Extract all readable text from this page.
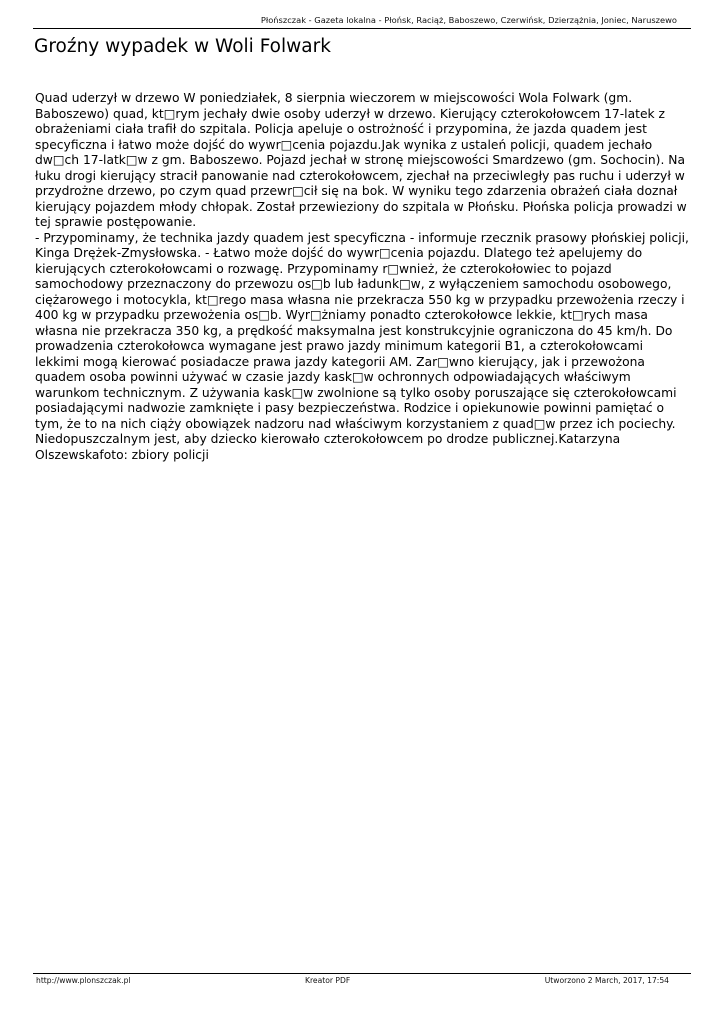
Płońszczak - Gazeta lokalna - Płońsk, Raciąż, Baboszewo, Czerwińsk, Dzierzążnia, Joniec, Naruszewo
Groźny wypadek w Woli Folwark
Quad uderzył w drzewo W poniedziałek, 8 sierpnia wieczorem w miejscowości Wola Folwark (gm. Baboszewo) quad, kt□rym jechały dwie osoby uderzył w drzewo. Kierujący czterokołowcem 17-latek z obrażeniami ciała trafił do szpitala. Policja apeluje o ostrożność i przypomina, że jazda quadem jest specyficzna i łatwo może dojść do wywr□cenia pojazdu.Jak wynika z ustaleń policji, quadem jechało dw□ch 17-latk□w z gm. Baboszewo. Pojazd jechał w stronę miejscowości Smardzewo (gm. Sochocin). Na łuku drogi kierujący stracił panowanie nad czterokołowcem, zjechał na przeciwległy pas ruchu i uderzył w przydrożne drzewo, po czym quad przewr□cił się na bok. W wyniku tego zdarzenia obrażeń ciała doznał kierujący pojazdem młody chłopak. Został przewieziony do szpitala w Płońsku. Płońska policja prowadzi w tej sprawie postępowanie.
- Przypominamy, że technika jazdy quadem jest specyficzna - informuje rzecznik prasowy płońskiej policji, Kinga Drężek-Zmysłowska. - Łatwo może dojść do wywr□cenia pojazdu. Dlatego też apelujemy do kierujących czterokołowcami o rozwagę. Przypominamy r□wnież, że czterokołowiec to pojazd samochodowy przeznaczony do przewozu os□b lub ładunk□w, z wyłączeniem samochodu osobowego, ciężarowego i motocykla, kt□rego masa własna nie przekracza 550 kg w przypadku przewożenia rzeczy i 400 kg w przypadku przewożenia os□b. Wyr□żniamy ponadto czterokołowce lekkie, kt□rych masa własna nie przekracza 350 kg, a prędkość maksymalna jest konstrukcyjnie ograniczona do 45 km/h. Do prowadzenia czterokołowca wymagane jest prawo jazdy minimum kategorii B1, a czterokołowcami lekkimi mogą kierować posiadacze prawa jazdy kategorii AM. Zar□wno kierujący, jak i przewożona quadem osoba powinni używać w czasie jazdy kask□w ochronnych odpowiadających właściwym warunkom technicznym. Z używania kask□w zwolnione są tylko osoby poruszające się czterokołowcami posiadającymi nadwozie zamknięte i pasy bezpieczeństwa. Rodzice i opiekunowie powinni pamiętać o tym, że to na nich ciąży obowiązek nadzoru nad właściwym korzystaniem z quad□w przez ich pociechy. Niedopuszczalnym jest, aby dziecko kierowało czterokołowcem po drodze publicznej.Katarzyna Olszewskafoto: zbiory policji
http://www.plonszczak.pl	Kreator PDF	Utworzono 2 March, 2017, 17:54
